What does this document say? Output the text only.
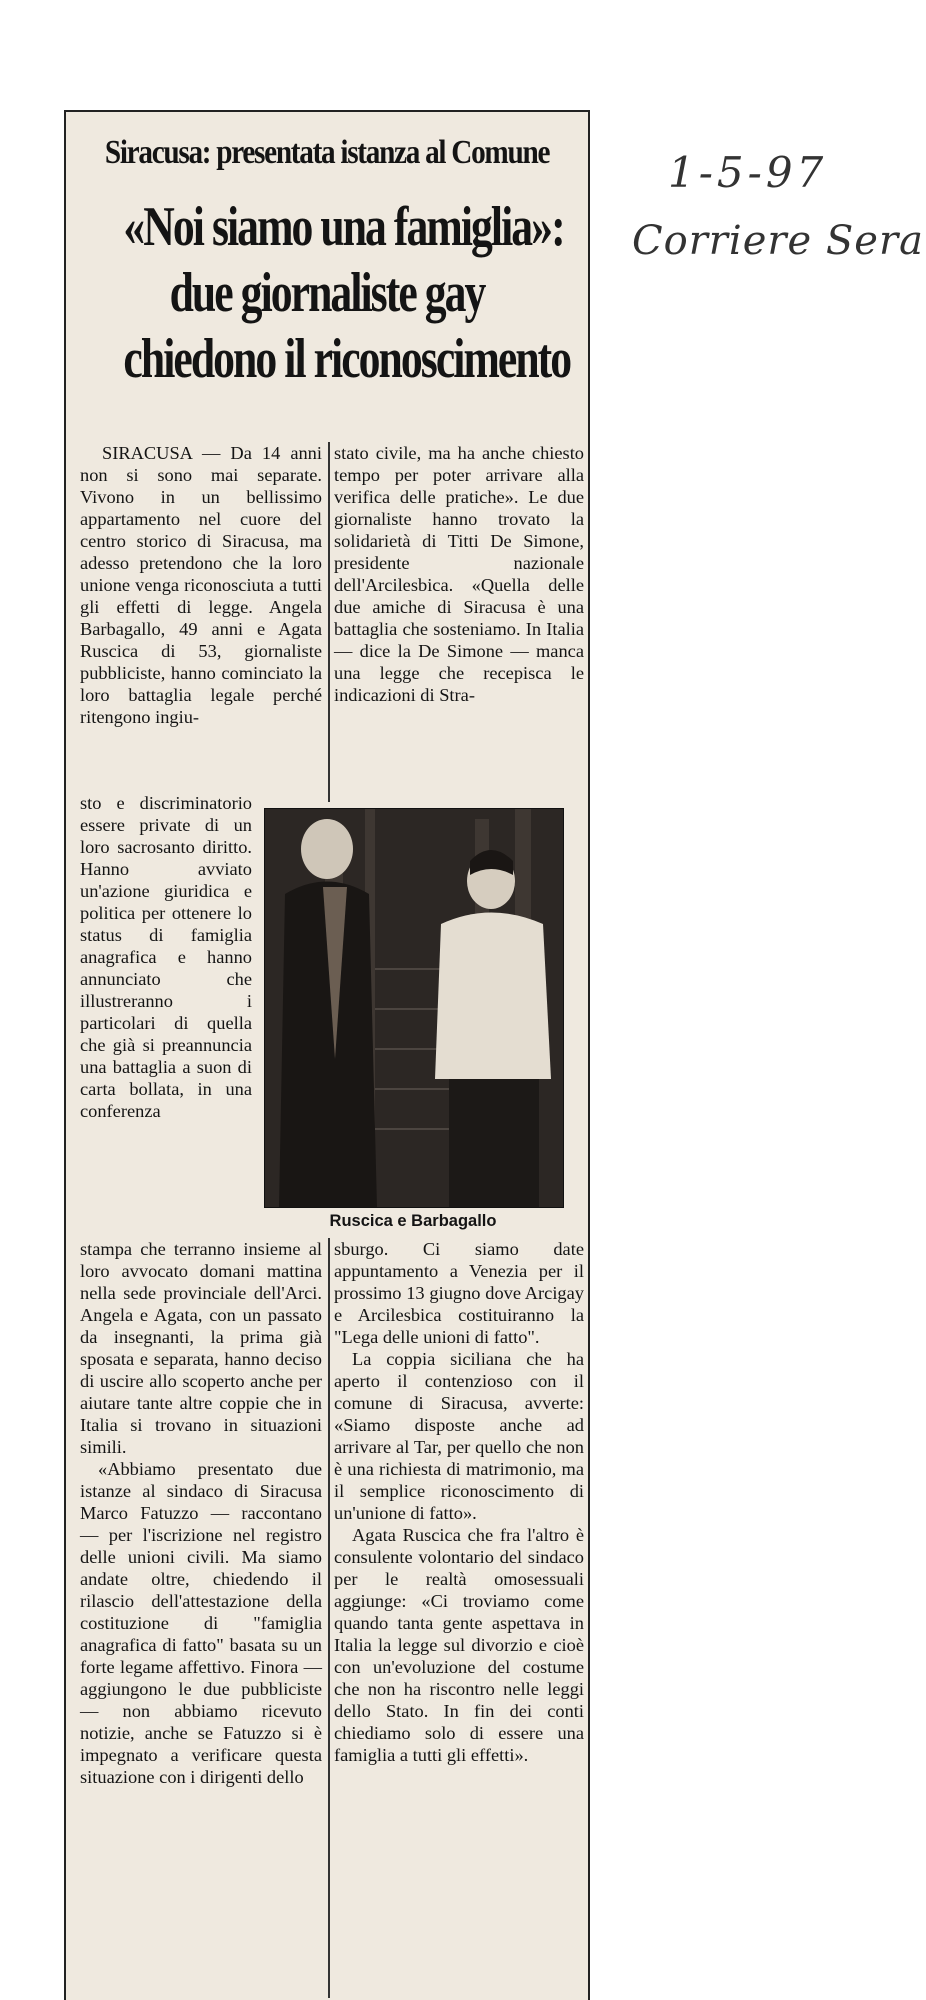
Siracusa: presentata istanza al Comune
«Noi siamo una famiglia»:
due giornaliste gay
chiedono il riconoscimento

SIRACUSA — Da 14 anni non si sono mai separate. Vivono in un bellissimo appartamento nel cuore del centro storico di Siracusa, ma adesso pretendono che la loro unione venga riconosciuta a tutti gli effetti di legge. Angela Barbagallo, 49 anni e Agata Ruscica di 53, giornaliste pubbliciste, hanno cominciato la loro battaglia legale perché ritengono ingiu-

stato civile, ma ha anche chiesto tempo per poter arrivare alla verifica delle pratiche». Le due giornaliste hanno trovato la solidarietà di Titti De Simone, presidente nazionale dell'Arcilesbica. «Quella delle due amiche di Siracusa è una battaglia che sosteniamo. In Italia — dice la De Simone — manca una legge che recepisca le indicazioni di Stra-

sto e discriminatorio essere private di un loro sacrosanto diritto. Hanno avviato un'azione giuridica e politica per ottenere lo status di famiglia anagrafica e hanno annunciato che illustreranno i particolari di quella che già si preannuncia una battaglia a suon di carta bollata, in una conferenza

Ruscica e Barbagallo

stampa che terranno insieme al loro avvocato domani mattina nella sede provinciale dell'Arci. Angela e Agata, con un passato da insegnanti, la prima già sposata e separata, hanno deciso di uscire allo scoperto anche per aiutare tante altre coppie che in Italia si trovano in situazioni simili.

«Abbiamo presentato due istanze al sindaco di Siracusa Marco Fatuzzo — raccontano — per l'iscrizione nel registro delle unioni civili. Ma siamo andate oltre, chiedendo il rilascio dell'attestazione della costituzione di "famiglia anagrafica di fatto" basata su un forte legame affettivo. Finora — aggiungono le due pubbliciste — non abbiamo ricevuto notizie, anche se Fatuzzo si è impegnato a verificare questa situazione con i dirigenti dello

sburgo. Ci siamo date appuntamento a Venezia per il prossimo 13 giugno dove Arcigay e Arcilesbica costituiranno la "Lega delle unioni di fatto".

La coppia siciliana che ha aperto il contenzioso con il comune di Siracusa, avverte: «Siamo disposte anche ad arrivare al Tar, per quello che non è una richiesta di matrimonio, ma il semplice riconoscimento di un'unione di fatto».

Agata Ruscica che fra l'altro è consulente volontario del sindaco per le realtà omosessuali aggiunge: «Ci troviamo come quando tanta gente aspettava in Italia la legge sul divorzio e cioè con un'evoluzione del costume che non ha riscontro nelle leggi dello Stato. In fin dei conti chiediamo solo di essere una famiglia a tutti gli effetti».

1-5-97
Corriere Sera
